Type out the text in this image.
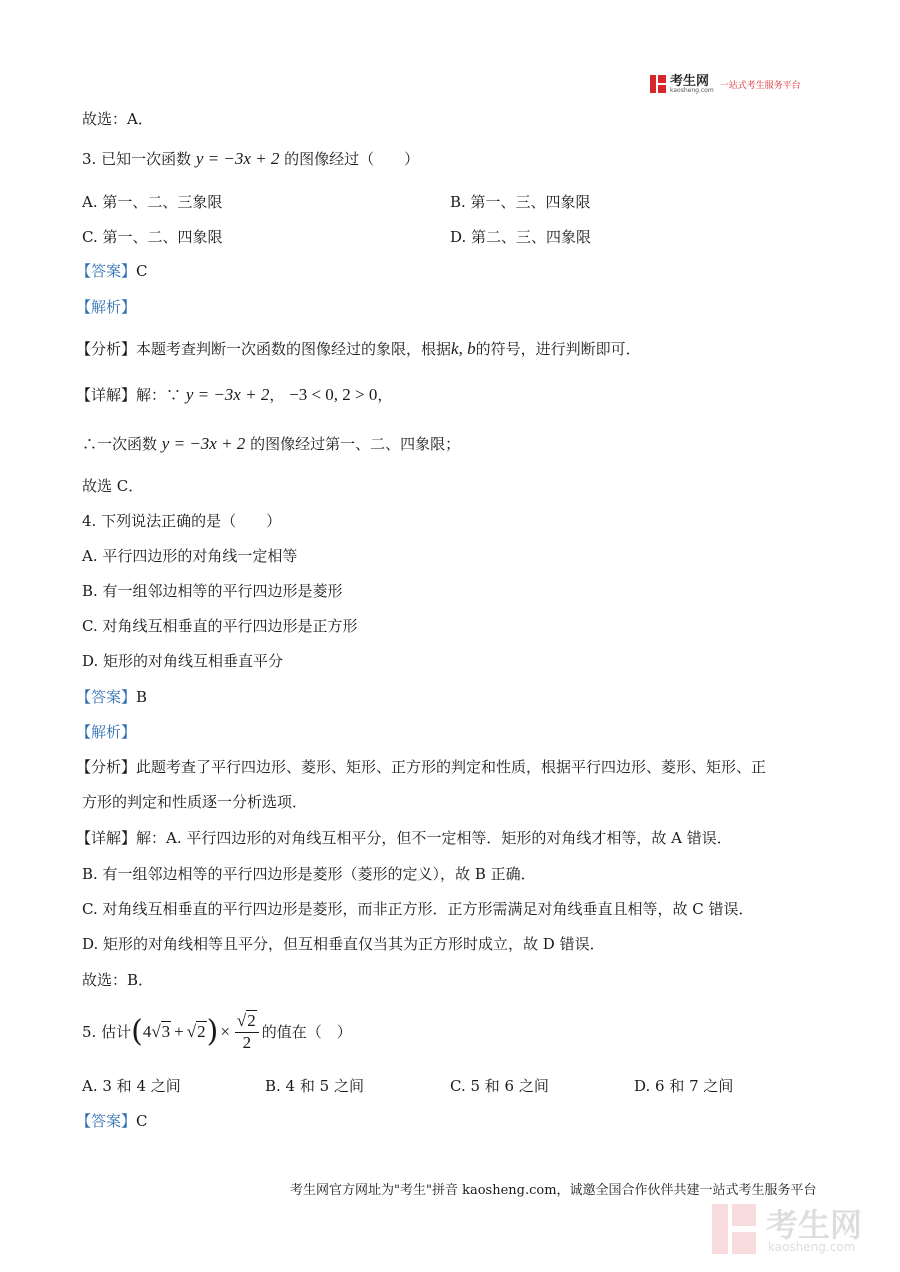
考生网
kaosheng.com 一站式考生服务平台
故选：A．
3. 已知一次函数 y = −3x + 2 的图像经过（　　）
A. 第一、二、三象限	B. 第一、三、四象限
C. 第一、二、四象限	D. 第二、三、四象限
【答案】C
【解析】
【分析】本题考查判断一次函数的图像经过的象限，根据k, b的符号，进行判断即可．
【详解】解：∵ y = −3x + 2， −3 < 0, 2 > 0，
∴一次函数 y = −3x + 2 的图像经过第一、二、四象限；
故选 C．
4. 下列说法正确的是（　　）
A. 平行四边形的对角线一定相等
B. 有一组邻边相等的平行四边形是菱形
C. 对角线互相垂直的平行四边形是正方形
D. 矩形的对角线互相垂直平分
【答案】B
【解析】
【分析】此题考查了平行四边形、菱形、矩形、正方形的判定和性质，根据平行四边形、菱形、矩形、正
方形的判定和性质逐一分析选项．
【详解】解：A. 平行四边形的对角线互相平分，但不一定相等．矩形的对角线才相等，故 A 错误．
B. 有一组邻边相等的平行四边形是菱形（菱形的定义），故 B 正确．
C. 对角线互相垂直的平行四边形是菱形，而非正方形．正方形需满足对角线垂直且相等，故 C 错误．
D. 矩形的对角线相等且平分，但互相垂直仅当其为正方形时成立，故 D 错误．
故选：B．
5. 估计 ( 4 √3 + √2 ) × $\frac{√2}{2}$ 的值在（　）
A. 3 和 4 之间	B. 4 和 5 之间	C. 5 和 6 之间	D. 6 和 7 之间
【答案】C
考生网官方网址为"考生"拼音 kaosheng.com，诚邀全国合作伙伴共建一站式考生服务平台
考生网
kaosheng.com
